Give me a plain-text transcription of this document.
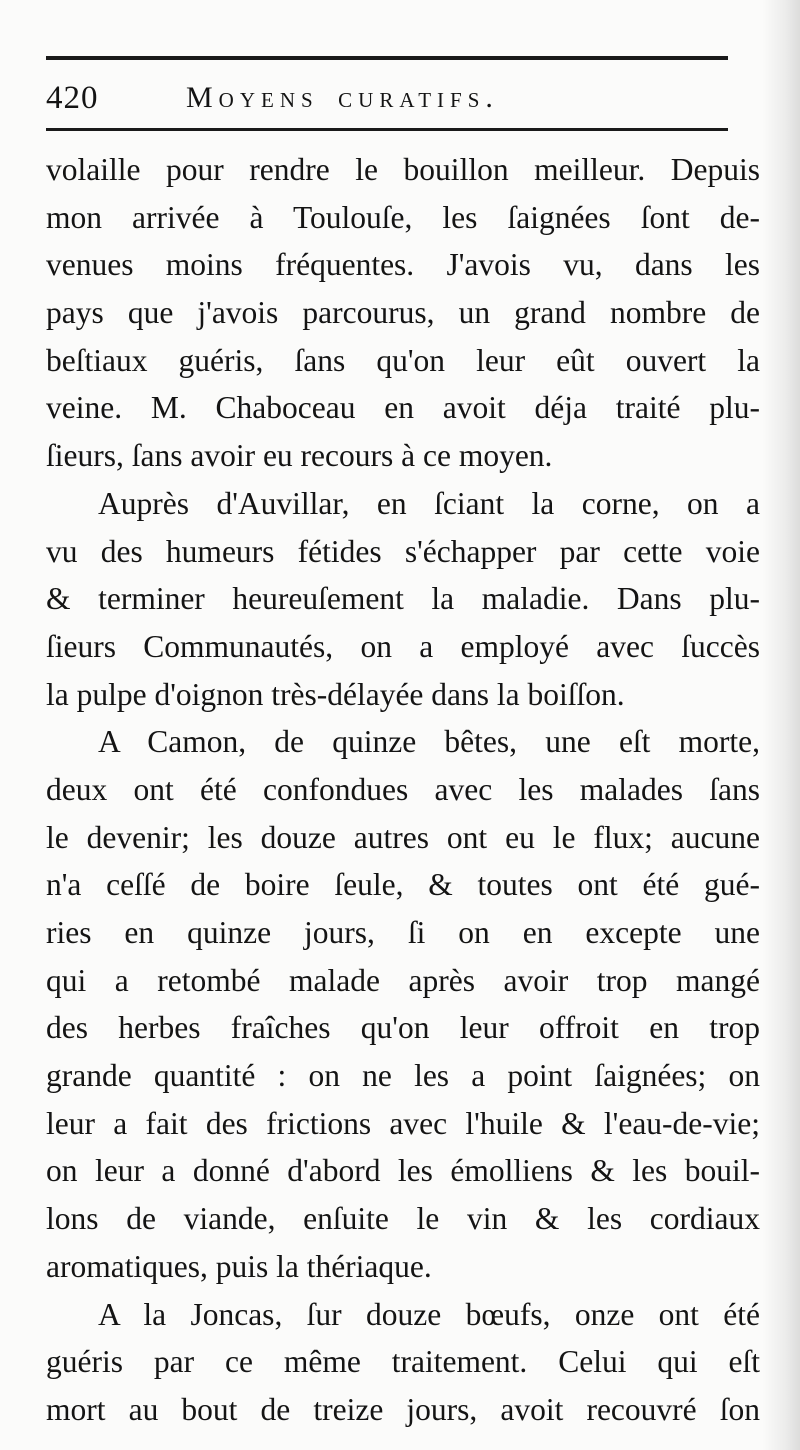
420	Moyens curatifs.
volaille pour rendre le bouillon meilleur. Depuis
mon arrivée à Toulouſe, les ſaignées ſont de-
venues moins fréquentes. J'avois vu, dans les
pays que j'avois parcourus, un grand nombre de
beſtiaux guéris, ſans qu'on leur eût ouvert la
veine. M. Chaboceau en avoit déja traité plu-
ſieurs, ſans avoir eu recours à ce moyen.
Auprès d'Auvillar, en ſciant la corne, on a
vu des humeurs fétides s'échapper par cette voie
& terminer heureuſement la maladie. Dans plu-
ſieurs Communautés, on a employé avec ſuccès
la pulpe d'oignon très-délayée dans la boiſſon.
A Camon, de quinze bêtes, une eſt morte,
deux ont été confondues avec les malades ſans
le devenir; les douze autres ont eu le flux; aucune
n'a ceſſé de boire ſeule, & toutes ont été gué-
ries en quinze jours, ſi on en excepte une
qui a retombé malade après avoir trop mangé
des herbes fraîches qu'on leur offroit en trop
grande quantité : on ne les a point ſaignées; on
leur a fait des frictions avec l'huile & l'eau-de-vie;
on leur a donné d'abord les émolliens & les bouil-
lons de viande, enſuite le vin & les cordiaux
aromatiques, puis la thériaque.
A la Joncas, ſur douze bœufs, onze ont été
guéris par ce même traitement. Celui qui eſt
mort au bout de treize jours, avoit recouvré ſon
